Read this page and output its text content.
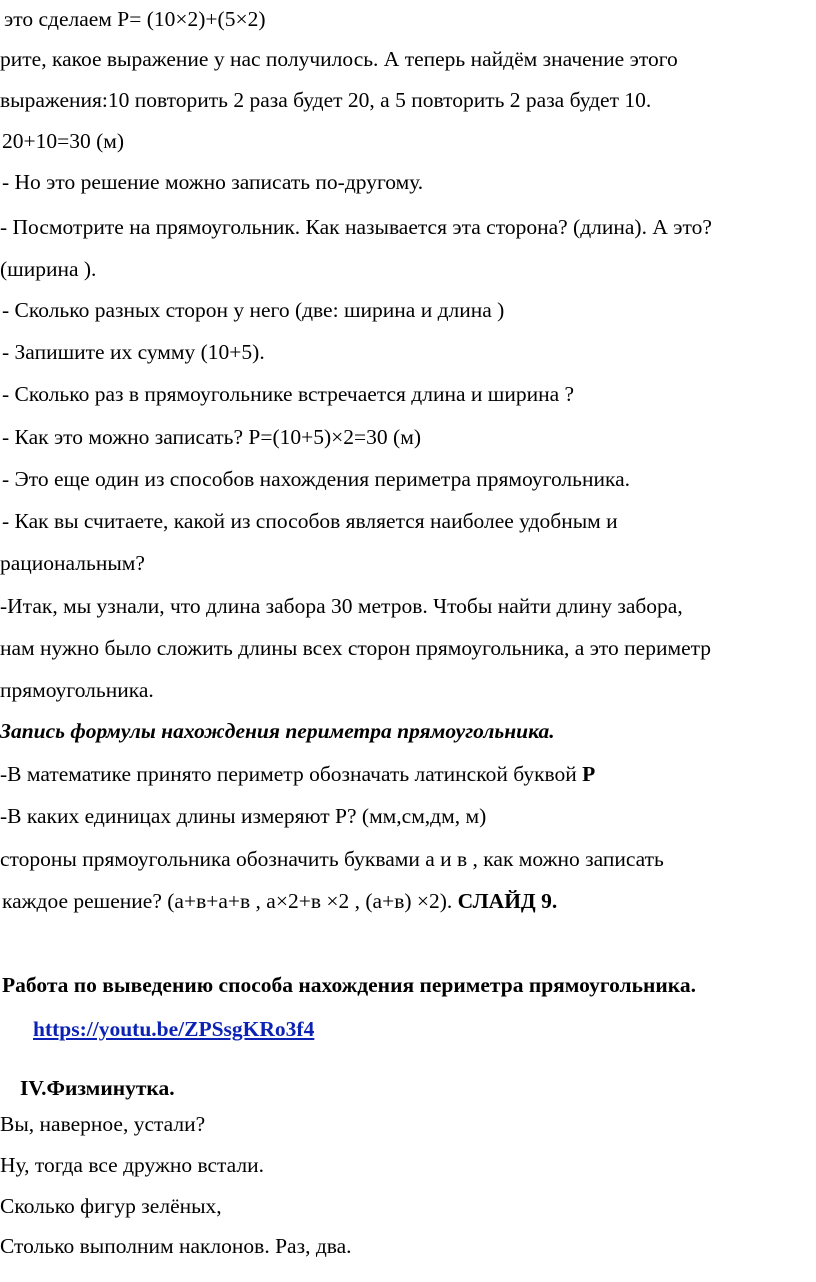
это сделаем Р= (10×2)+(5×2)
рите, какое выражение у нас получилось. А теперь найдём значение этого
выражения:10 повторить 2 раза будет 20, а 5 повторить 2 раза будет 10.
20+10=30 (м)
- Но это решение можно записать по-другому.
- Посмотрите на прямоугольник. Как называется эта сторона? (длина). А это?
(ширина ).
- Сколько разных сторон у него (две: ширина и длина )
- Запишите их сумму (10+5).
- Сколько раз в прямоугольнике встречается длина и ширина ?
- Как это можно записать? Р=(10+5)×2=30 (м)
- Это еще один из способов нахождения периметра прямоугольника.
- Как вы считаете, какой из способов является наиболее удобным и
рациональным?
-Итак, мы узнали, что длина забора 30 метров. Чтобы найти длину забора,
нам нужно было сложить длины всех сторон прямоугольника, а это периметр
прямоугольника.
Запись формулы нахождения периметра прямоугольника.
-В математике принято периметр обозначать латинской буквой Р
-В каких единицах длины измеряют Р? (мм,см,дм, м)
стороны прямоугольника обозначить буквами а и в , как можно записать
каждое решение? (а+в+а+в , а×2+в ×2 , (а+в) ×2). СЛАЙД 9.
Работа по выведению способа нахождения периметра прямоугольника.
https://youtu.be/ZPSsgKRo3f4
IV.Физминутка.
Вы, наверное, устали?
Ну, тогда все дружно встали.
Сколько фигур зелёных,
Столько выполним наклонов. Раз, два.
